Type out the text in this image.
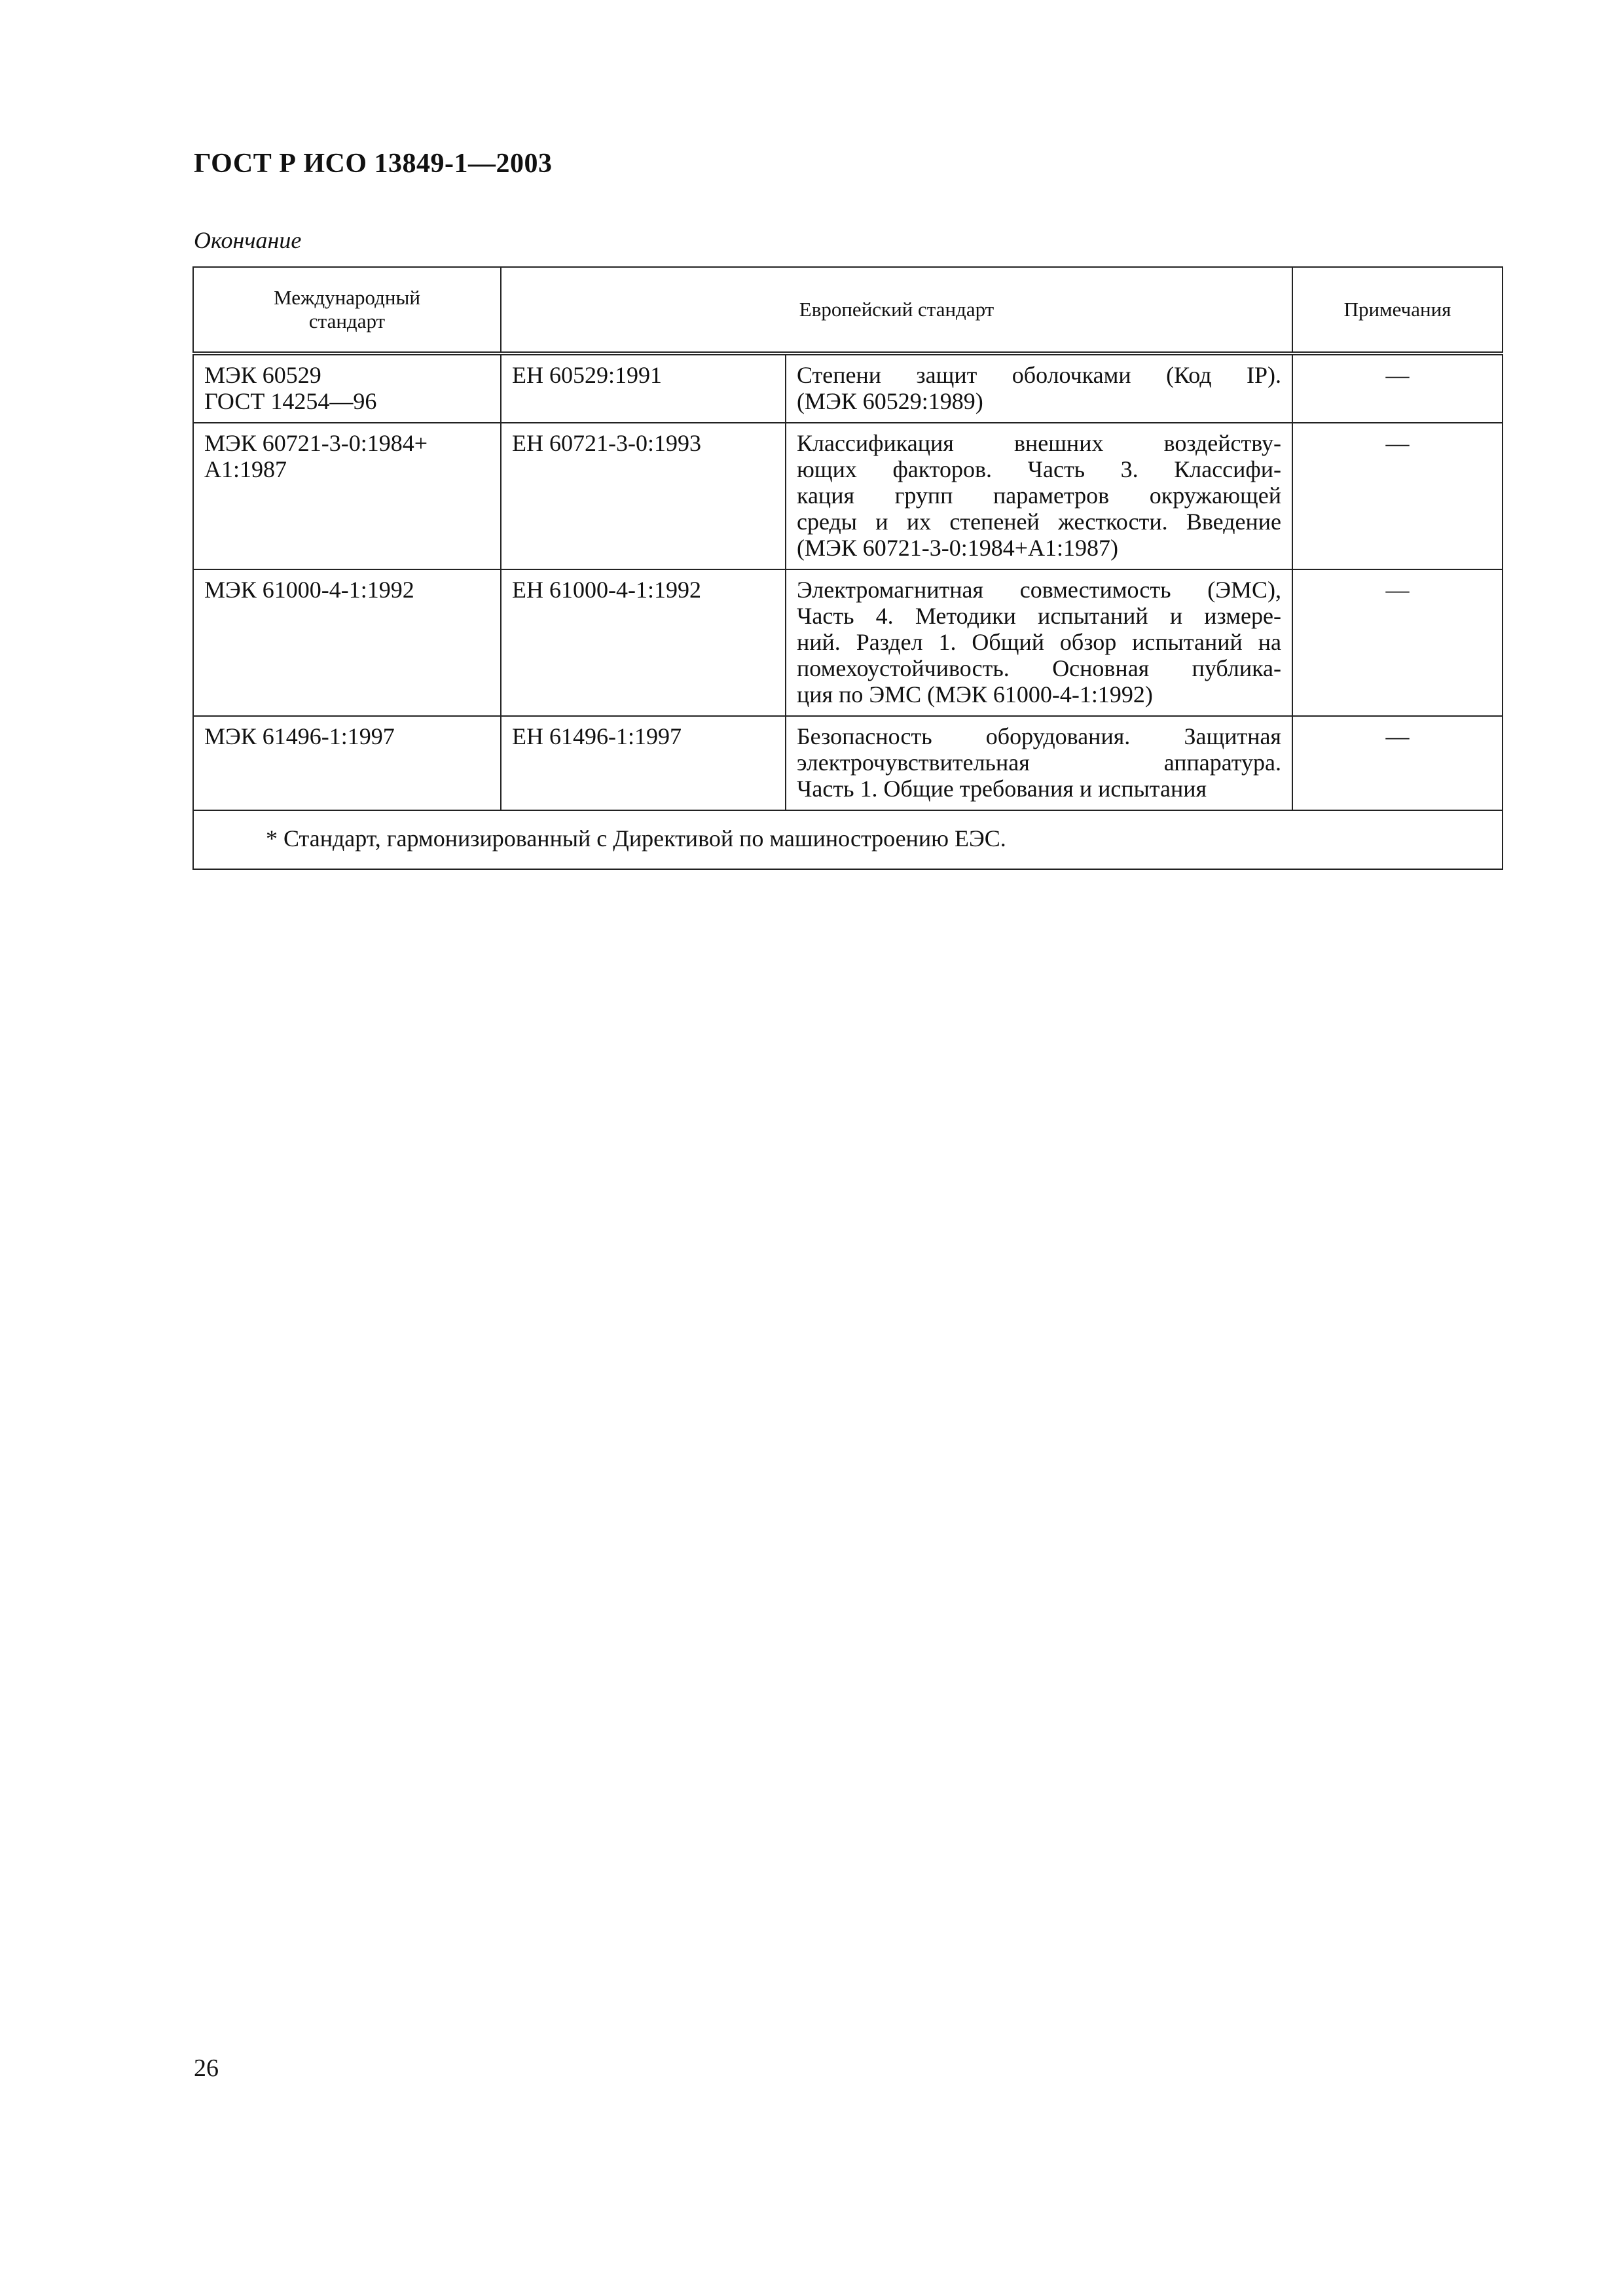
ГОСТ Р ИСО 13849-1—2003
Окончание
Международный
стандарт	Европейский стандарт		Примечания

МЭК 60529
ГОСТ 14254—96	ЕН 60529:1991	Степени защит оболочками (Код IP).
(МЭК 60529:1989)	—

МЭК 60721-3-0:1984+
A1:1987	ЕН 60721-3-0:1993	Классификация внешних воздейству-
ющих факторов. Часть 3. Классифи-
кация групп параметров окружающей
среды и их степеней жесткости. Введение
(МЭК 60721-3-0:1984+A1:1987)	—

МЭК 61000-4-1:1992	ЕН 61000-4-1:1992	Электромагнитная совместимость (ЭМС),
Часть 4. Методики испытаний и измере-
ний. Раздел 1. Общий обзор испытаний на
помехоустойчивость. Основная публика-
ция по ЭМС (МЭК 61000-4-1:1992)	—

МЭК 61496-1:1997	ЕН 61496-1:1997	Безопасность оборудования. Защитная
электрочувствительная аппаратура.
Часть 1. Общие требования и испытания	—
* Стандарт, гармонизированный с Директивой по машиностроению ЕЭС.			
26
